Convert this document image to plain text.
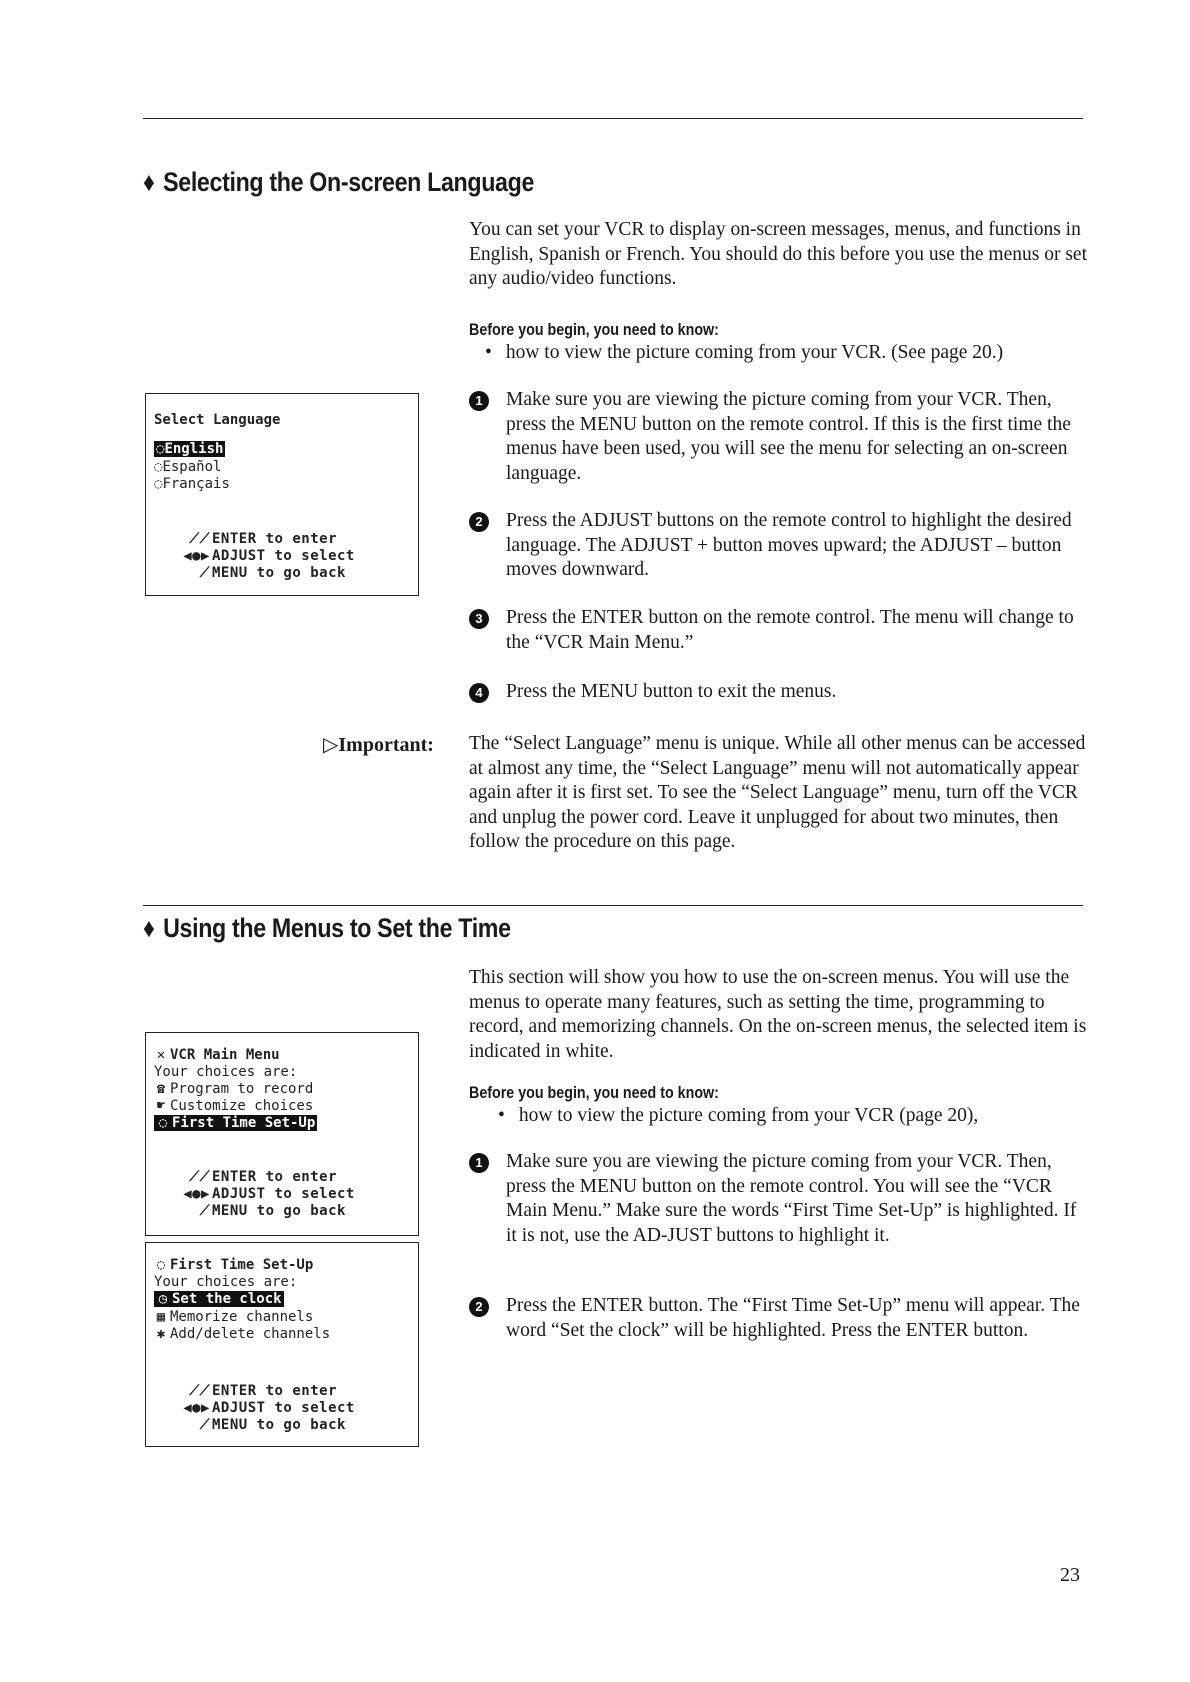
♦ Selecting the On-screen Language

You can set your VCR to display on-screen messages, menus, and functions in English, Spanish or French. You should do this before you use the menus or set any audio/video functions.

Before you begin, you need to know:

• how to view the picture coming from your VCR. (See page 20.)

1	Make sure you are viewing the picture coming from your VCR. Then, press the MENU button on the remote control. If this is the first time the menus have been used, you will see the menu for selecting an on-screen language.

2	Press the ADJUST buttons on the remote control to highlight the desired language. The ADJUST + button moves upward; the ADJUST – button moves downward.

3	Press the ENTER button on the remote control. The menu will change to the “VCR Main Menu.”

4	Press the MENU button to exit the menus.

▷Important: The “Select Language” menu is unique. While all other menus can be accessed at almost any time, the “Select Language” menu will not automatically appear again after it is first set. To see the “Select Language” menu, turn off the VCR and unplug the power cord. Leave it unplugged for about two minutes, then follow the procedure on this page.

Select Language
◌English
◌Español
◌Français
⟋⟋ ENTER to enter
◀●▶ ADJUST to select
⟋ MENU to go back
♦ Using the Menus to Set the Time

This section will show you how to use the on-screen menus. You will use the menus to operate many features, such as setting the time, programming to record, and memorizing channels. On the on-screen menus, the selected item is indicated in white.

Before you begin, you need to know:

• how to view the picture coming from your VCR (page 20),

1	Make sure you are viewing the picture coming from your VCR. Then, press the MENU button on the remote control. You will see the “VCR Main Menu.” Make sure the words “First Time Set-Up” is highlighted. If it is not, use the AD-JUST buttons to highlight it.

2	Press the ENTER button. The “First Time Set-Up” menu will appear. The word “Set the clock” will be highlighted. Press the ENTER button.

✕ VCR Main Menu
Your choices are:
☎ Program to record
☛ Customize choices
◌ First Time Set-Up
⟋⟋ ENTER to enter
◀●▶ ADJUST to select
⟋ MENU to go back
◌ First Time Set-Up
Your choices are:
◷ Set the clock
▦ Memorize channels
✱ Add/delete channels
⟋⟋ ENTER to enter
◀●▶ ADJUST to select
⟋ MENU to go back

23
